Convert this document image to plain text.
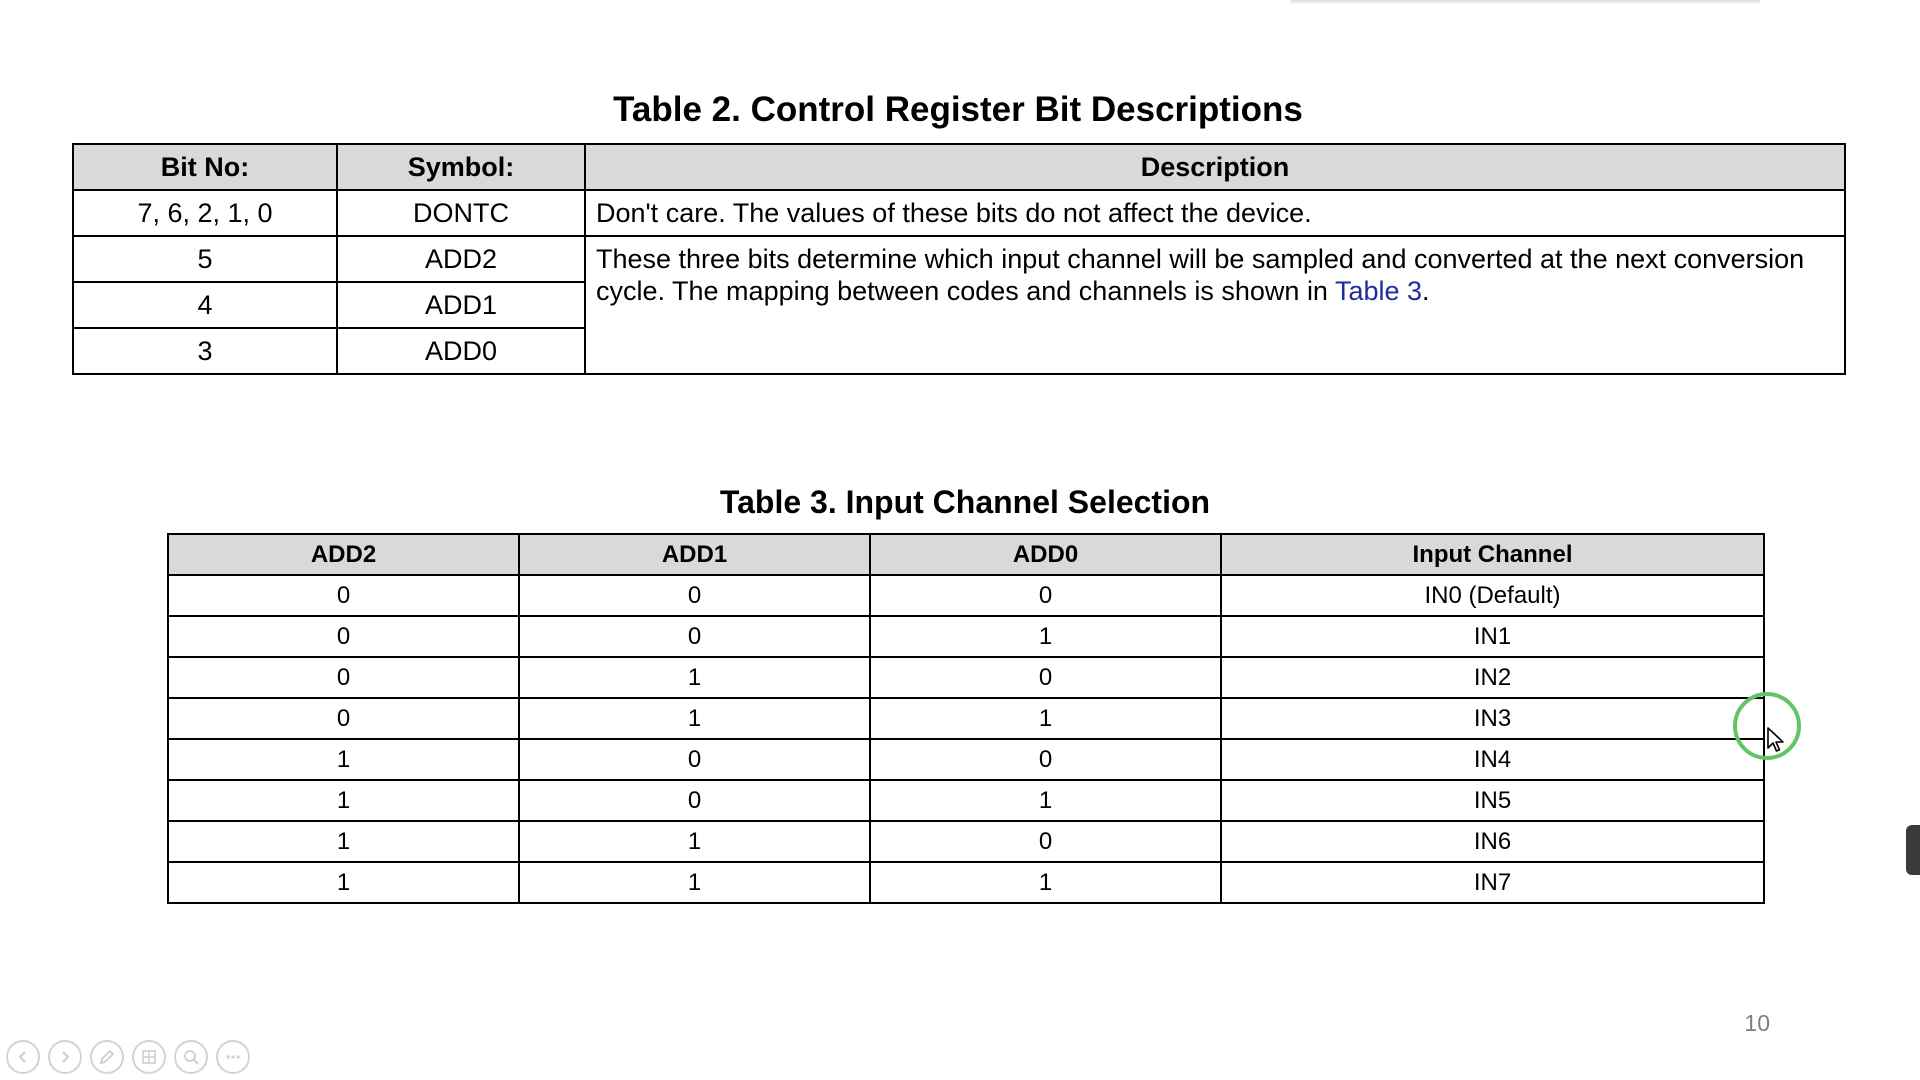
Table 2. Control Register Bit Descriptions
Bit No:	Symbol:	Description
7, 6, 2, 1, 0	DONTC	Don't care. The values of these bits do not affect the device.
5	ADD2	These three bits determine which input channel will be sampled and converted at the next conversion cycle. The mapping between codes and channels is shown in Table 3.
4	ADD1	
3	ADD0	
Table 3. Input Channel Selection
ADD2	ADD1	ADD0	Input Channel
0	0	0	IN0 (Default)
0	0	1	IN1
0	1	0	IN2
0	1	1	IN3
1	0	0	IN4
1	0	1	IN5
1	1	0	IN6
1	1	1	IN7
10
